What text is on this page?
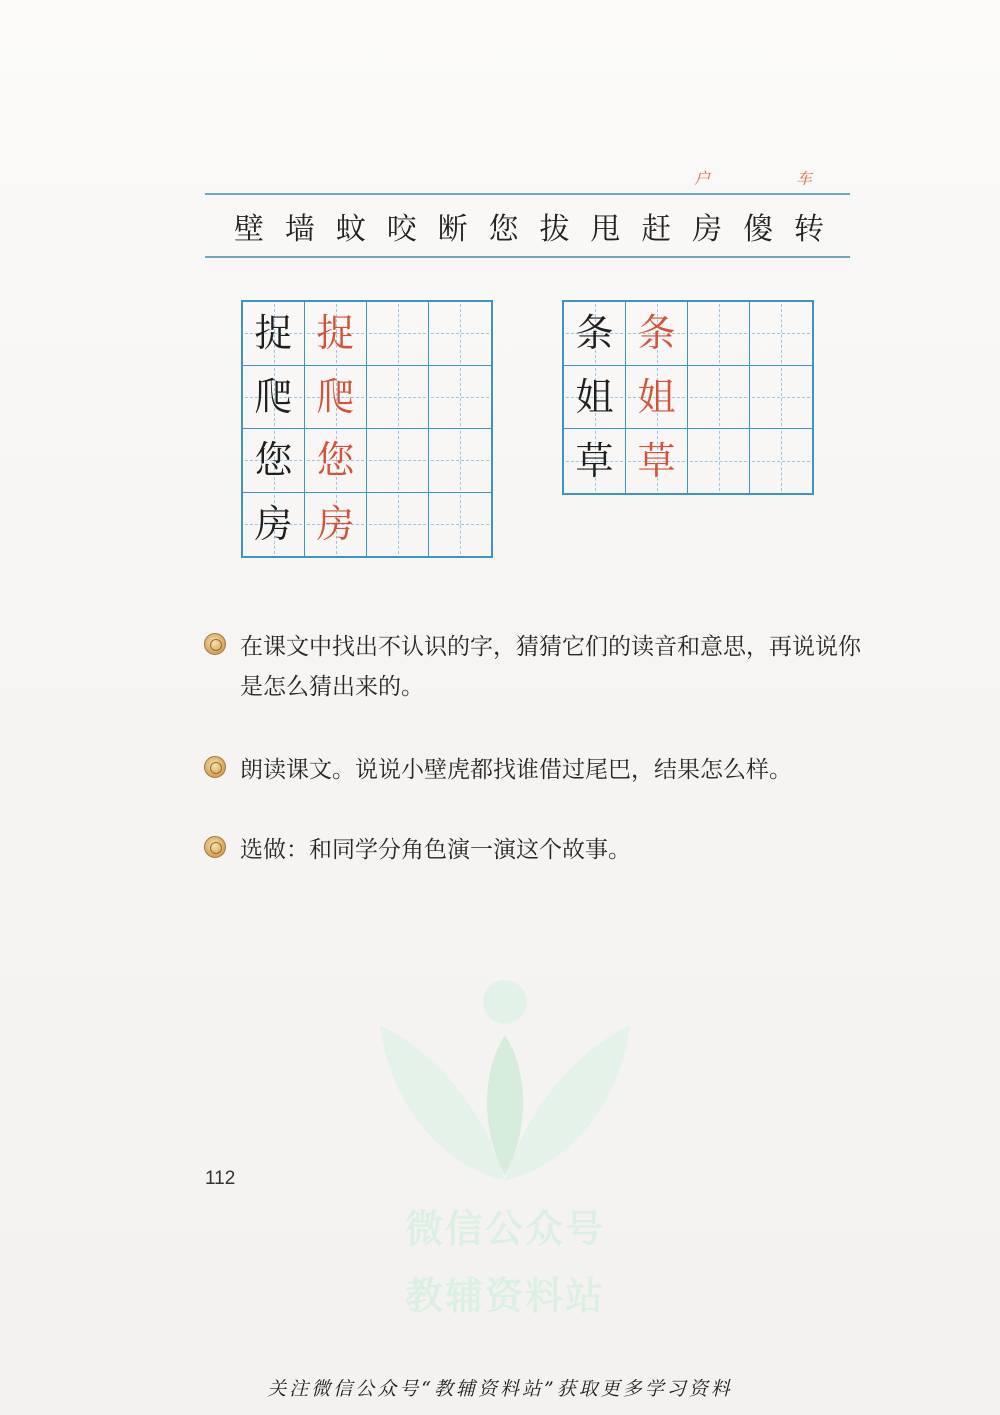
户	车
壁 墙 蚊 咬 断 您 拔 甩 赶 房 傻 转
捉 捉
爬 爬
您 您
房 房
条 条
姐 姐
草 草
在课文中找出不认识的字，猜猜它们的读音和意思，再说说你是怎么猜出来的。
朗读课文。说说小壁虎都找谁借过尾巴，结果怎么样。
选做：和同学分角色演一演这个故事。
微信公众号
教辅资料站
112
关注微信公众号“教辅资料站”获取更多学习资料
